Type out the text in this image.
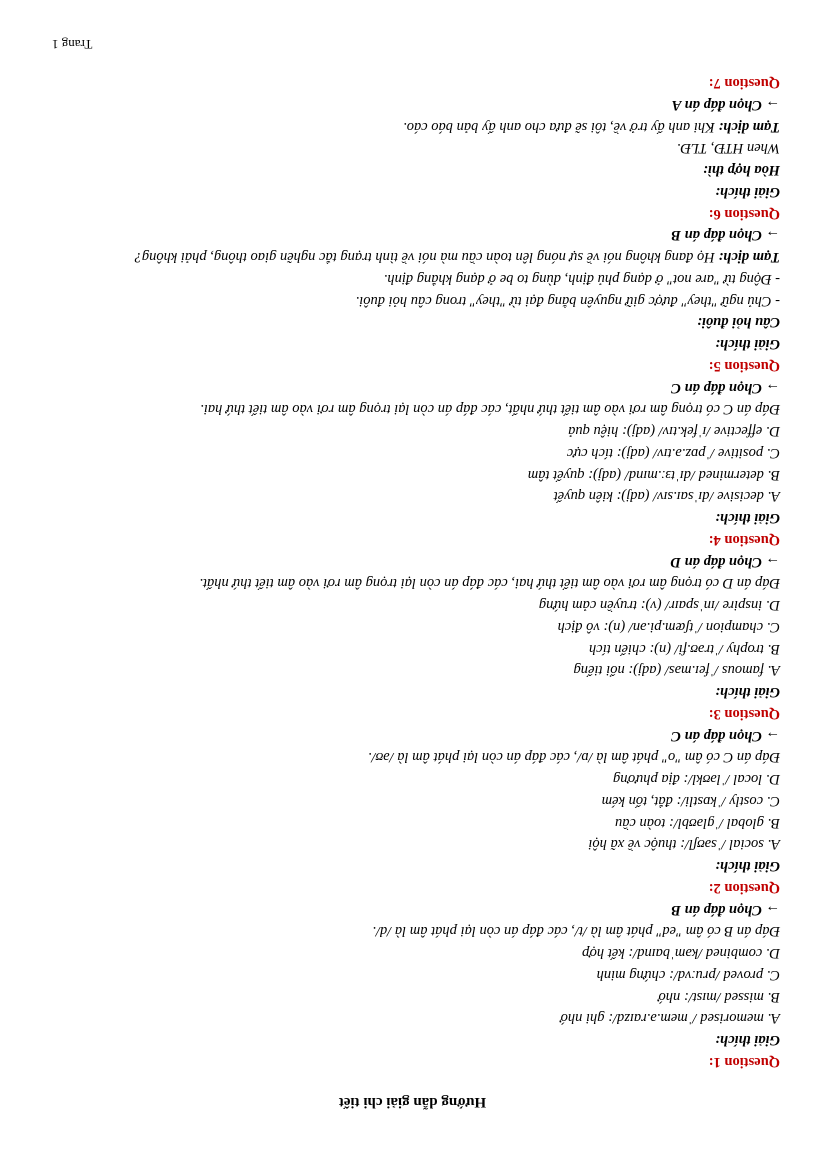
Hướng dẫn giải chi tiết
Question 1:
Giải thích:
A. memorised /ˈmem.ə.raɪzd/: ghi nhớ
B. missed /mɪst/: nhớ
C. proved /pruːvd/: chứng minh
D. combined /kəmˈbaɪnd/: kết hợp
Đáp án B có âm "ed" phát âm là /t/, các đáp án còn lại phát âm là /d/.
→ Chọn đáp án B
Question 2:
Giải thích:
A. social /ˈsəʊʃl/: thuộc về xã hội
B. global /ˈɡləʊbl/: toàn cầu
C. costly /ˈkɒstli/: đắt, tốn kém
D. local /ˈləʊkl/: địa phương
Đáp án C có âm "o" phát âm là /ɒ/, các đáp án còn lại phát âm là /əʊ/.
→ Chọn đáp án C
Question 3:
Giải thích:
A. famous /ˈfeɪ.məs/ (adj): nổi tiếng
B. trophy /ˈtrəʊ.fi/ (n): chiến tích
C. champion /ˈtʃæm.pi.ən/ (n): vô địch
D. inspire /ɪnˈspaɪr/ (v): truyền cảm hứng
Đáp án D có trọng âm rơi vào âm tiết thứ hai, các đáp án còn lại trọng âm rơi vào âm tiết thứ nhất.
→ Chọn đáp án D
Question 4:
Giải thích:
A. decisive /dɪˈsaɪ.sɪv/ (adj): kiên quyết
B. determined /dɪˈtɜː.mɪnd/ (adj): quyết tâm
C. positive /ˈpɒz.ə.tɪv/ (adj): tích cực
D. effective /ɪˈfek.tɪv/ (adj): hiệu quả
Đáp án C có trọng âm rơi vào âm tiết thứ nhất, các đáp án còn lại trọng âm rơi vào âm tiết thứ hai.
→ Chọn đáp án C
Question 5:
Giải thích:
Câu hỏi đuôi:
- Chủ ngữ "they" được giữ nguyên bằng đại từ "they" trong câu hỏi đuôi.
- Động từ "are not" ở dạng phủ định, dùng to be ở dạng khẳng định.
Tạm dịch: Họ đang không nói về sự nóng lên toàn cầu mà nói về tình trạng tắc nghẽn giao thông, phải không?
→ Chọn đáp án B
Question 6:
Giải thích:
Hòa hợp thì:
When HTĐ, TLĐ.
Tạm dịch: Khi anh ấy trở về, tôi sẽ đưa cho anh ấy bản báo cáo.
→ Chọn đáp án A
Question 7:
Trang 1
